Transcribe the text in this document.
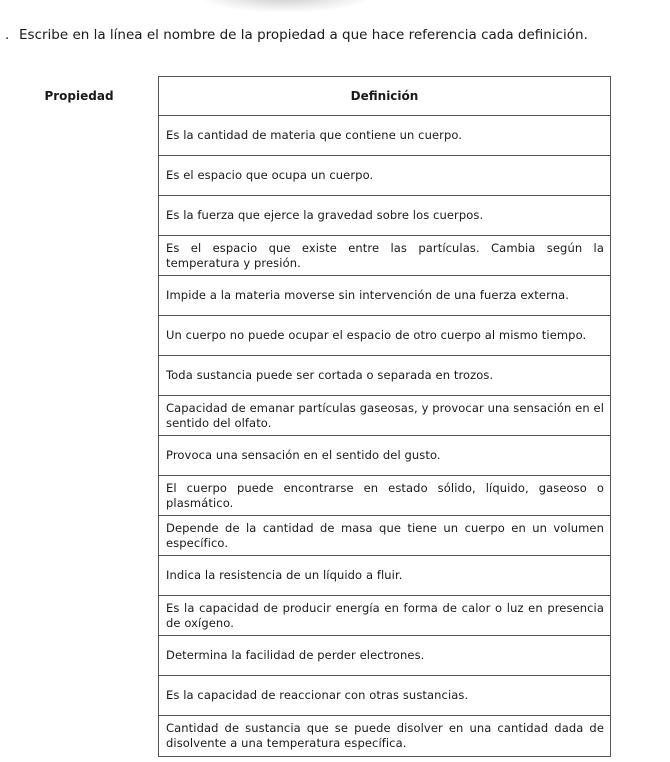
. Escribe en la línea el nombre de la propiedad a que hace referencia cada definición.
Propiedad	Definición
	Es la cantidad de materia que contiene un cuerpo.
	Es el espacio que ocupa un cuerpo.
	Es la fuerza que ejerce la gravedad sobre los cuerpos.
	Es el espacio que existe entre las partículas. Cambia según la temperatura y presión.
	Impide a la materia moverse sin intervención de una fuerza externa.
	Un cuerpo no puede ocupar el espacio de otro cuerpo al mismo tiempo.
	Toda sustancia puede ser cortada o separada en trozos.
	Capacidad de emanar partículas gaseosas, y provocar una sensación en el sentido del olfato.
	Provoca una sensación en el sentido del gusto.
	El cuerpo puede encontrarse en estado sólido, líquido, gaseoso o plasmático.
	Depende de la cantidad de masa que tiene un cuerpo en un volumen específico.
	Indica la resistencia de un líquido a fluir.
	Es la capacidad de producir energía en forma de calor o luz en presencia de oxígeno.
	Determina la facilidad de perder electrones.
	Es la capacidad de reaccionar con otras sustancias.
	Cantidad de sustancia que se puede disolver en una cantidad dada de disolvente a una temperatura específica.
